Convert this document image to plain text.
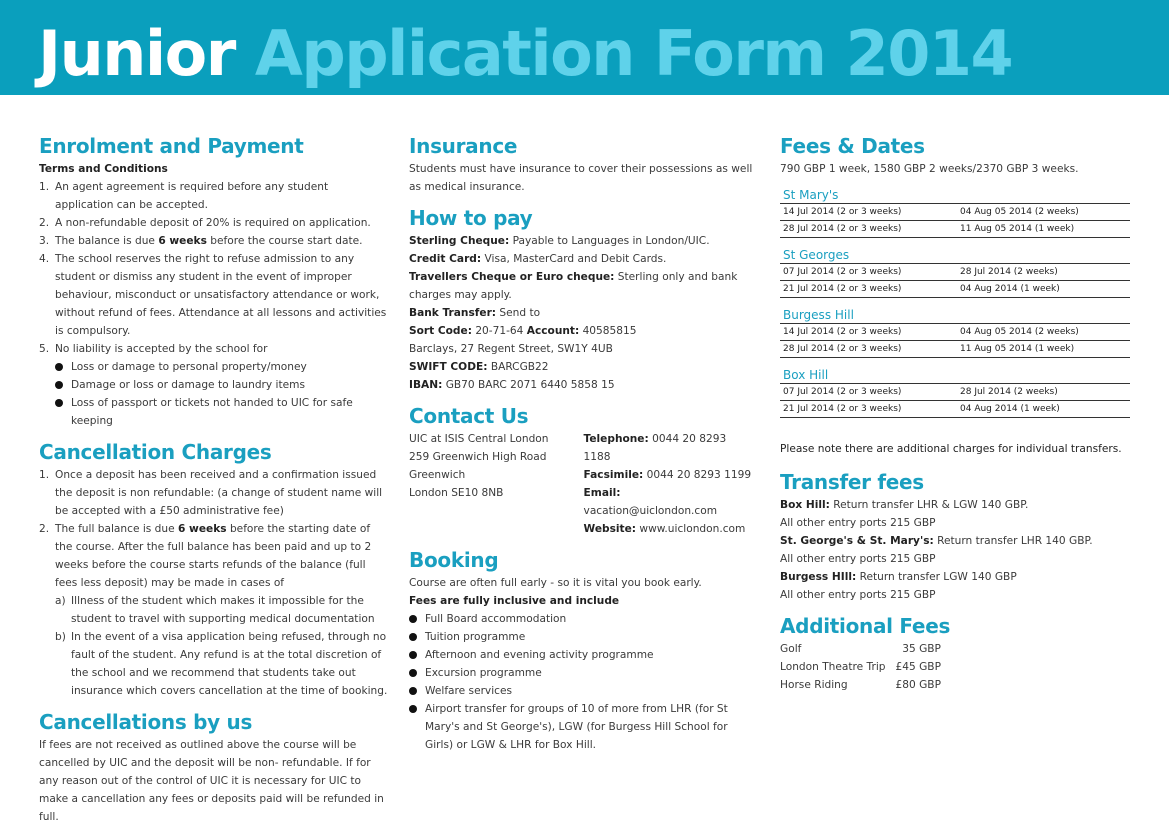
Junior Application Form 2014
Enrolment and Payment

Terms and Conditions

1. An agent agreement is required before any student application can be accepted.
2. A non-refundable deposit of 20% is required on application.
3. The balance is due 6 weeks before the course start date.
4. The school reserves the right to refuse admission to any student or dismiss any student in the event of improper behaviour, misconduct or unsatisfactory attendance or work, without refund of fees. Attendance at all lessons and activities is compulsory.
5. No liability is accepted by the school for
Loss or damage to personal property/money
Damage or loss or damage to laundry items
Loss of passport or tickets not handed to UIC for safe keeping
Cancellation Charges
1. Once a deposit has been received and a confirmation issued the deposit is non refundable: (a change of student name will be accepted with a £50 administrative fee)
2. The full balance is due 6 weeks before the starting date of the course. After the full balance has been paid and up to 2 weeks before the course starts refunds of the balance (full fees less deposit) may be made in cases of
a) Illness of the student which makes it impossible for the student to travel with supporting medical documentation
b) In the event of a visa application being refused, through no fault of the student. Any refund is at the total discretion of the school and we recommend that students take out insurance which covers cancellation at the time of booking.
Cancellations by us

If fees are not received as outlined above the course will be cancelled by UIC and the deposit will be non- refundable. If for any reason out of the control of UIC it is necessary for UIC to make a cancellation any fees or deposits paid will be refunded in full.

Insurance

Students must have insurance to cover their possessions as well as medical insurance.

How to pay

Sterling Cheque: Payable to Languages in London/UIC.

Credit Card: Visa, MasterCard and Debit Cards.

Travellers Cheque or Euro cheque: Sterling only and bank charges may apply.

Bank Transfer: Send to

Sort Code: 20-71-64 Account: 40585815

Barclays, 27 Regent Street, SW1Y 4UB

SWIFT CODE: BARCGB22

IBAN: GB70 BARC 2071 6440 5858 15

Contact Us

UIC at ISIS Central London

259 Greenwich High Road

Greenwich

London SE10 8NB

Telephone: 0044 20 8293 1188

Facsimile: 0044 20 8293 1199

Email: vacation@uiclondon.com

Website: www.uiclondon.com

Booking

Course are often full early - so it is vital you book early.

Fees are fully inclusive and include

Full Board accommodation
Tuition programme
Afternoon and evening activity programme
Excursion programme
Welfare services
Airport transfer for groups of 10 of more from LHR (for St Mary's and St George's), LGW (for Burgess Hill School for Girls) or LGW & LHR for Box Hill.
Fees & Dates

790 GBP 1 week, 1580 GBP 2 weeks/2370 GBP 3 weeks.

St Mary's
14 Jul 2014 (2 or 3 weeks)	04 Aug 05 2014 (2 weeks)
28 Jul 2014 (2 or 3 weeks)	11 Aug 05 2014 (1 week)
St Georges
07 Jul 2014 (2 or 3 weeks)	28 Jul 2014 (2 weeks)
21 Jul 2014 (2 or 3 weeks)	04 Aug 2014 (1 week)
Burgess Hill
14 Jul 2014 (2 or 3 weeks)	04 Aug 05 2014 (2 weeks)
28 Jul 2014 (2 or 3 weeks)	11 Aug 05 2014 (1 week)
Box Hill
07 Jul 2014 (2 or 3 weeks)	28 Jul 2014 (2 weeks)
21 Jul 2014 (2 or 3 weeks)	04 Aug 2014 (1 week)

Please note there are additional charges for individual transfers.

Transfer fees

Box Hill: Return transfer LHR & LGW 140 GBP.

All other entry ports 215 GBP

St. George's & St. Mary's: Return transfer LHR 140 GBP.

All other entry ports 215 GBP

Burgess HIll: Return transfer LGW 140 GBP

All other entry ports 215 GBP

Additional Fees
Golf	35 GBP
London Theatre Trip	£45 GBP
Horse Riding	£80 GBP
